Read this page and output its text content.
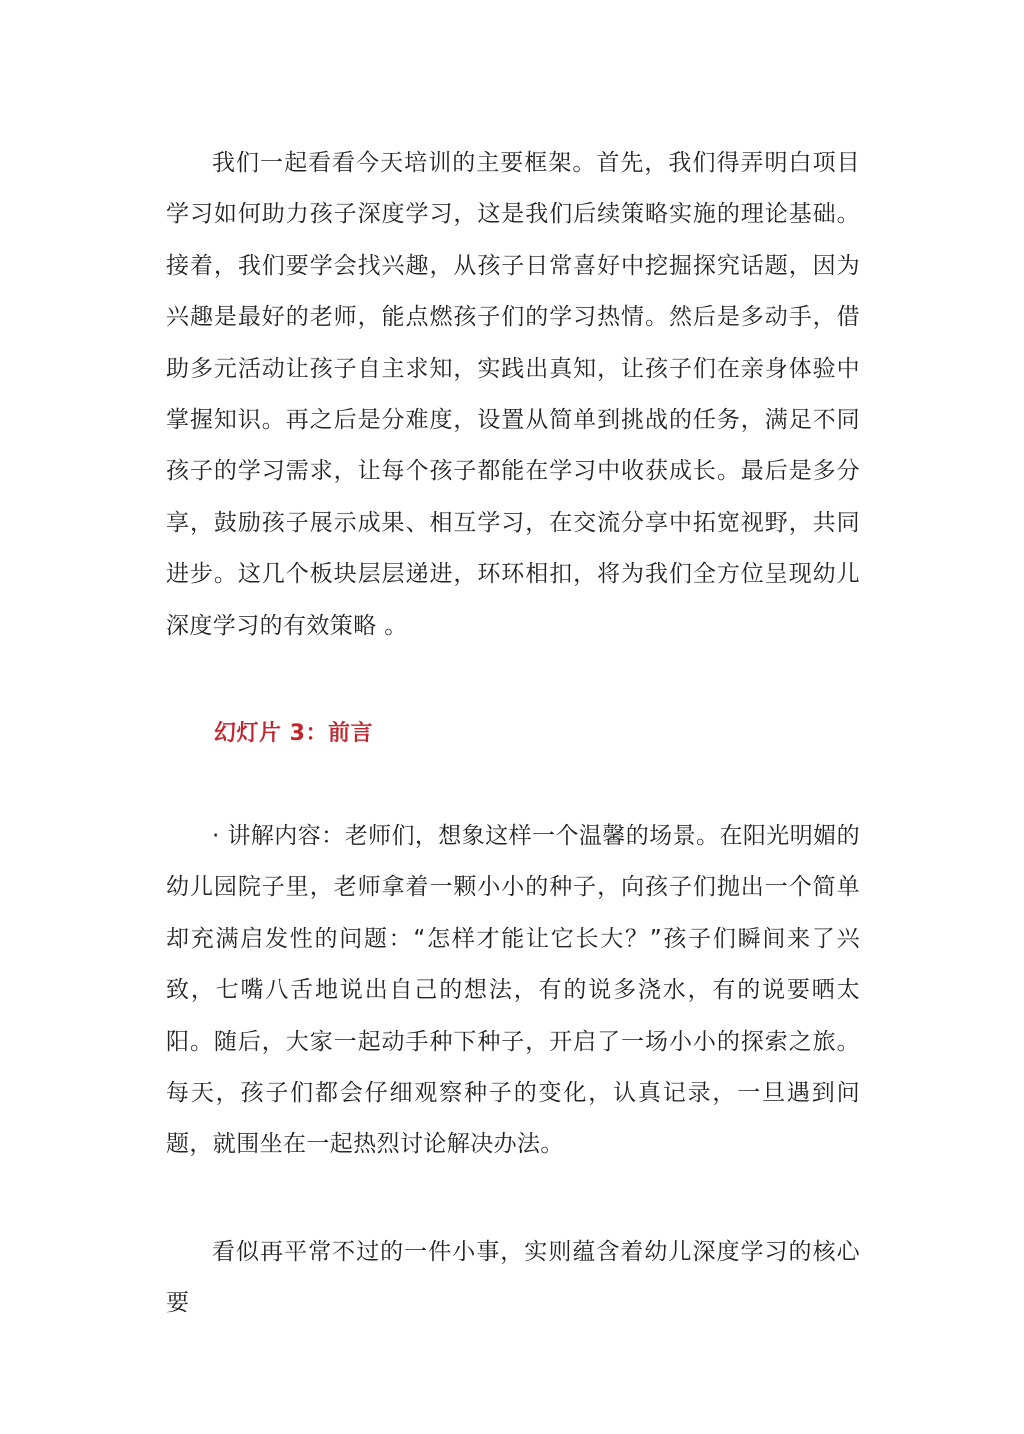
我们一起看看今天培训的主要框架。首先，我们得弄明白项目学习如何助力孩子深度学习，这是我们后续策略实施的理论基础。接着，我们要学会找兴趣，从孩子日常喜好中挖掘探究话题，因为兴趣是最好的老师，能点燃孩子们的学习热情。然后是多动手，借助多元活动让孩子自主求知，实践出真知，让孩子们在亲身体验中掌握知识。再之后是分难度，设置从简单到挑战的任务，满足不同孩子的学习需求，让每个孩子都能在学习中收获成长。最后是多分享，鼓励孩子展示成果、相互学习，在交流分享中拓宽视野，共同进步。这几个板块层层递进，环环相扣，将为我们全方位呈现幼儿深度学习的有效策略 。

幻灯片 3：前言

· 讲解内容：老师们，想象这样一个温馨的场景。在阳光明媚的幼儿园院子里，老师拿着一颗小小的种子，向孩子们抛出一个简单却充满启发性的问题：“怎样才能让它长大？”孩子们瞬间来了兴致，七嘴八舌地说出自己的想法，有的说多浇水，有的说要晒太阳。随后，大家一起动手种下种子，开启了一场小小的探索之旅。每天，孩子们都会仔细观察种子的变化，认真记录，一旦遇到问题，就围坐在一起热烈讨论解决办法。

看似再平常不过的一件小事，实则蕴含着幼儿深度学习的核心要
